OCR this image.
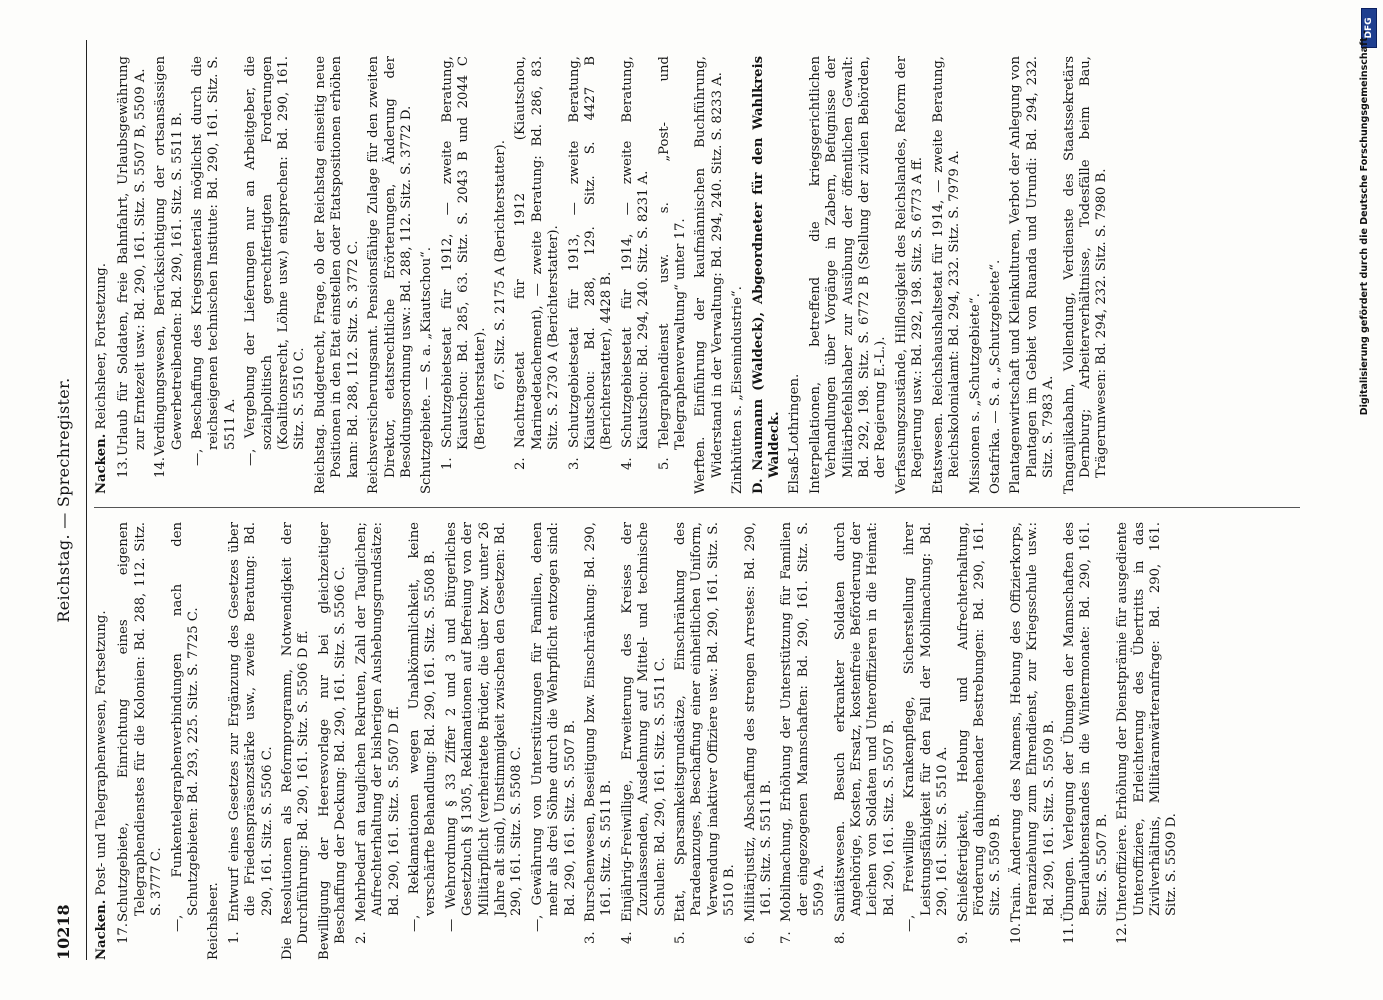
10218
Reichstag. — Sprechregister.

Nacken. Post- und Telegraphenwesen, Fortsetzung.

17.Schutzgebiete, Einrichtung eines eigenen Telegraphendienstes für die Kolonien: Bd. 288, 112. Sitz. S. 3777 C. —, Funkentelegraphenverbindungen nach den Schutzgebieten: Bd. 293, 225. Sitz. S. 7725 C.

Reichsheer. 1.Entwurf eines Gesetzes zur Ergänzung des Gesetzes über die Friedenspräsenzstärke usw., zweite Beratung: Bd. 290, 161. Sitz. S. 5506 C. Die Resolutionen als Reformprogramm, Notwendigkeit der Durchführung: Bd. 290, 161. Sitz. S. 5506 D ff. Bewilligung der Heeresvorlage nur bei gleichzeitiger Beschaffung der Deckung: Bd. 290, 161. Sitz. S. 5506 C. 2.Mehrbedarf an tauglichen Rekruten, Zahl der Tauglichen; Aufrechterhaltung der bisherigen Aushebungsgrundsätze: Bd. 290, 161. Sitz. S. 5507 D ff. —, Reklamationen wegen Unabkömmlichkeit, keine verschärfte Behandlung: Bd. 290, 161. Sitz. S. 5508 B. — Wehrordnung § 33 Ziffer 2 und 3 und Bürgerliches Gesetzbuch § 1305, Reklamationen auf Befreiung von der Militärpflicht (verheiratete Brüder, die über bzw. unter 26 Jahre alt sind), Unstimmigkeit zwischen den Gesetzen: Bd. 290, 161. Sitz. S. 5508 C. —, Gewährung von Unterstützungen für Familien, denen mehr als drei Söhne durch die Wehrpflicht entzogen sind: Bd. 290, 161. Sitz. S. 5507 B.

3.Burschenwesen, Beseitigung bzw. Einschränkung: Bd. 290, 161. Sitz. S. 5511 B.

4.Einjährig-Freiwillige, Erweiterung des Kreises der Zuzulassenden, Ausdehnung auf Mittel- und technische Schulen: Bd. 290, 161. Sitz. S. 5511 C.

5.Etat, Sparsamkeitsgrundsätze, Einschränkung des Paradeanzuges, Beschaffung einer einheitlichen Uniform, Verwendung inaktiver Offiziere usw.: Bd. 290, 161. Sitz. S. 5510 B.

6.Militärjustiz, Abschaffung des strengen Arrestes: Bd. 290, 161. Sitz. S. 5511 B.

7.Mobilmachung, Erhöhung der Unterstützung für Familien der eingezogenen Mannschaften: Bd. 290, 161. Sitz. S. 5509 A.

8.Sanitätswesen. Besuch erkrankter Soldaten durch Angehörige, Kosten, Ersatz, kostenfreie Beförderung der Leichen von Soldaten und Unteroffizieren in die Heimat: Bd. 290, 161. Sitz. S. 5507 B. —, Freiwillige Krankenpflege, Sicherstellung ihrer Leistungsfähigkeit für den Fall der Mobilmachung: Bd. 290, 161. Sitz. S. 5510 A.

9.Schießfertigkeit, Hebung und Aufrechterhaltung, Förderung dahingehender Bestrebungen: Bd. 290, 161. Sitz. S. 5509 B.

10.Train. Änderung des Namens, Hebung des Offizierkorps, Heranziehung zum Ehrendienst, zur Kriegsschule usw.: Bd. 290, 161. Sitz. S. 5509 B.

11.Übungen. Verlegung der Übungen der Mannschaften des Beurlaubtenstandes in die Wintermonate: Bd. 290, 161. Sitz. S. 5507 B.

12.Unteroffiziere. Erhöhung der Dienstprämie für ausgediente Unteroffiziere, Erleichterung des Übertritts in das Zivilverhältnis, Militäranwärteranfrage: Bd. 290, 161. Sitz. S. 5509 D.

Nacken. Reichsheer, Fortsetzung.

13.Urlaub für Soldaten, freie Bahnfahrt, Urlaubsgewährung zur Erntezeit usw.: Bd. 290, 161. Sitz. S. 5507 B, 5509 A.

14.Verdingungswesen, Berücksichtigung der ortsansässigen Gewerbetreibenden: Bd. 290, 161. Sitz. S. 5511 B. —, Beschaffung des Kriegsmaterials möglichst durch die reichseigenen technischen Institute: Bd. 290, 161. Sitz. S. 5511 A. —, Vergebung der Lieferungen nur an Arbeitgeber, die sozialpolitisch gerechtfertigten Forderungen (Koalitionsrecht, Löhne usw.) entsprechen: Bd. 290, 161. Sitz. S. 5510 C. Reichstag. Budgetrecht, Frage, ob der Reichstag einseitig neue Positionen in den Etat einstellen oder Etatspositionen erhöhen kann: Bd. 288, 112. Sitz. S. 3772 C. Reichsversicherungsamt. Pensionsfähige Zulage für den zweiten Direktor, etatsrechtliche Erörterungen, Änderung der Besoldungsordnung usw.: Bd. 288, 112. Sitz. S. 3772 D. Schutzgebiete. — S. a. „Kiautschou“. 1.Schutzgebietsetat für 1912, — zweite Beratung, Kiautschou: Bd. 285, 63. Sitz. S. 2043 B und 2044 C (Berichterstatter). 67. Sitz. S. 2175 A (Berichterstatter).

2.Nachtragsetat für 1912 (Kiautschou, Marinedetachement), — zweite Beratung: Bd. 286, 83. Sitz. S. 2730 A (Berichterstatter).

3.Schutzgebietsetat für 1913, — zweite Beratung, Kiautschou: Bd. 288, 129. Sitz. S. 4427 B (Berichterstatter), 4428 B.

4.Schutzgebietsetat für 1914, — zweite Beratung, Kiautschou: Bd. 294, 240. Sitz. S. 8231 A.

5.Telegraphendienst usw. s. „Post- und Telegraphenverwaltung“ unter 17. Werften. Einführung der kaufmännischen Buchführung, Widerstand in der Verwaltung: Bd. 294, 240. Sitz. S. 8233 A. Zinkhütten s. „Eisenindustrie“. D. Naumann (Waldeck), Abgeordneter für den Wahlkreis Waldeck. Elsaß-Lothringen. Interpellationen, betreffend die kriegsgerichtlichen Verhandlungen über Vorgänge in Zabern, Befugnisse der Militärbefehlshaber zur Ausübung der öffentlichen Gewalt: Bd. 292, 198. Sitz. S. 6772 B (Stellung der zivilen Behörden, der Regierung E.-L.). Verfassungszustände, Hilflosigkeit des Reichslandes, Reform der Regierung usw.: Bd. 292, 198. Sitz. S. 6773 A ff. Etatswesen. Reichshaushaltsetat für 1914, — zweite Beratung, Reichskolonialamt: Bd. 294, 232. Sitz. S. 7979 A. Missionen s. „Schutzgebiete“. Ostafrika. — S. a. „Schutzgebiete“. Plantagenwirtschaft und Kleinkulturen, Verbot der Anlegung von Plantagen im Gebiet von Ruanda und Urundi: Bd. 294, 232. Sitz. S. 7983 A. Tanganjikabahn, Vollendung, Verdienste des Staatssekretärs Dernburg; Arbeiterverhältnisse, Todesfälle beim Bau, Trägerunwesen: Bd. 294, 232. Sitz. S. 7980 B.

DFG
Digitalisierung gefördert durch die Deutsche Forschungsgemeinschaft -
